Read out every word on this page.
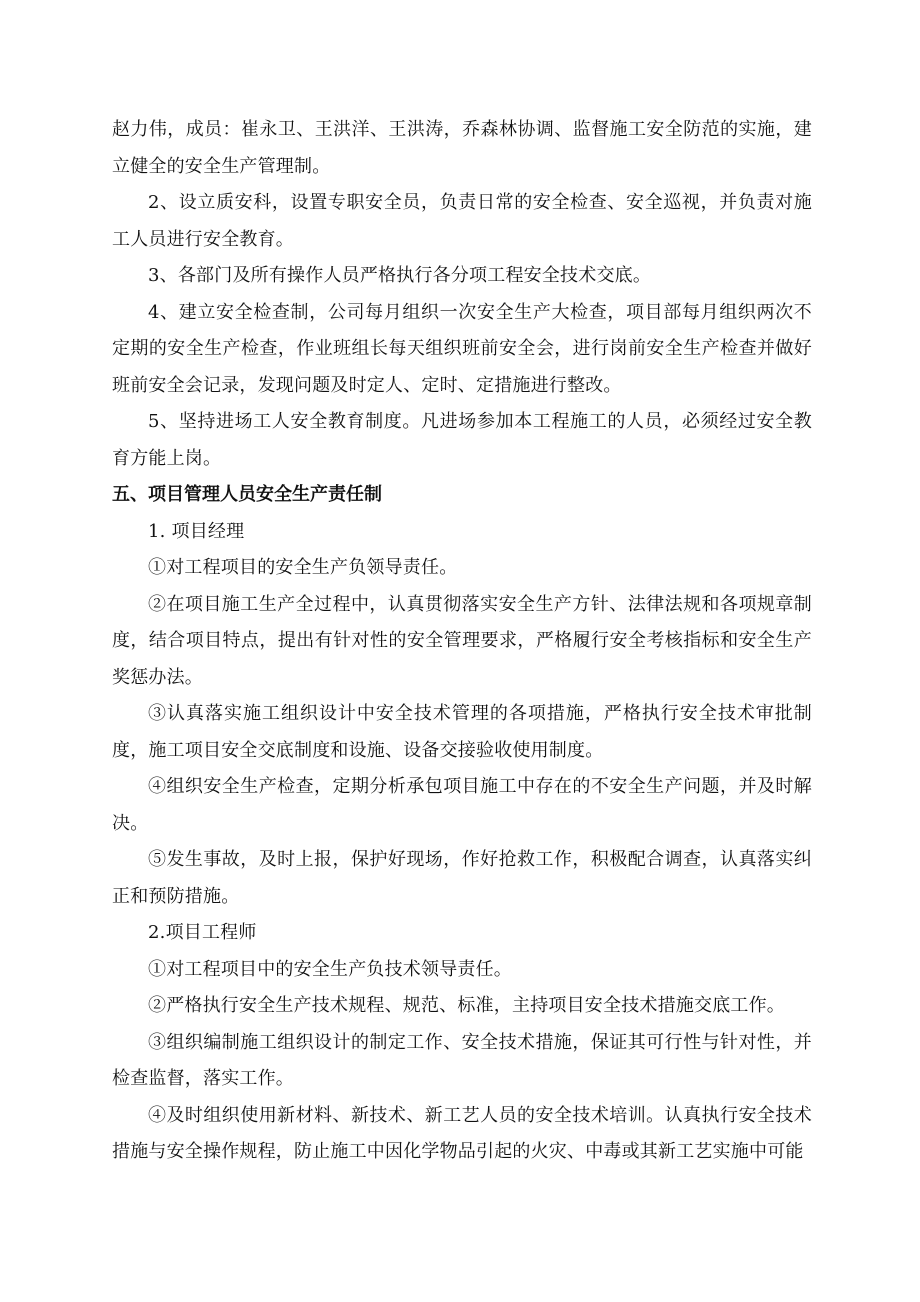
赵力伟，成员：崔永卫、王洪洋、王洪涛，乔森林协调、监督施工安全防范的实施，建立健全的安全生产管理制。

2、设立质安科，设置专职安全员，负责日常的安全检查、安全巡视，并负责对施工人员进行安全教育。

3、各部门及所有操作人员严格执行各分项工程安全技术交底。

4、建立安全检查制，公司每月组织一次安全生产大检查，项目部每月组织两次不定期的安全生产检查，作业班组长每天组织班前安全会，进行岗前安全生产检查并做好班前安全会记录，发现问题及时定人、定时、定措施进行整改。

5、坚持进场工人安全教育制度。凡进场参加本工程施工的人员，必须经过安全教育方能上岗。

五、项目管理人员安全生产责任制

1. 项目经理

①对工程项目的安全生产负领导责任。

②在项目施工生产全过程中，认真贯彻落实安全生产方针、法律法规和各项规章制度，结合项目特点，提出有针对性的安全管理要求，严格履行安全考核指标和安全生产奖惩办法。

③认真落实施工组织设计中安全技术管理的各项措施，严格执行安全技术审批制度，施工项目安全交底制度和设施、设备交接验收使用制度。

④组织安全生产检查，定期分析承包项目施工中存在的不安全生产问题，并及时解决。

⑤发生事故，及时上报，保护好现场，作好抢救工作，积极配合调查，认真落实纠正和预防措施。

2.项目工程师

①对工程项目中的安全生产负技术领导责任。

②严格执行安全生产技术规程、规范、标准，主持项目安全技术措施交底工作。

③组织编制施工组织设计的制定工作、安全技术措施，保证其可行性与针对性，并检查监督，落实工作。

④及时组织使用新材料、新技术、新工艺人员的安全技术培训。认真执行安全技术措施与安全操作规程，防止施工中因化学物品引起的火灾、中毒或其新工艺实施中可能
